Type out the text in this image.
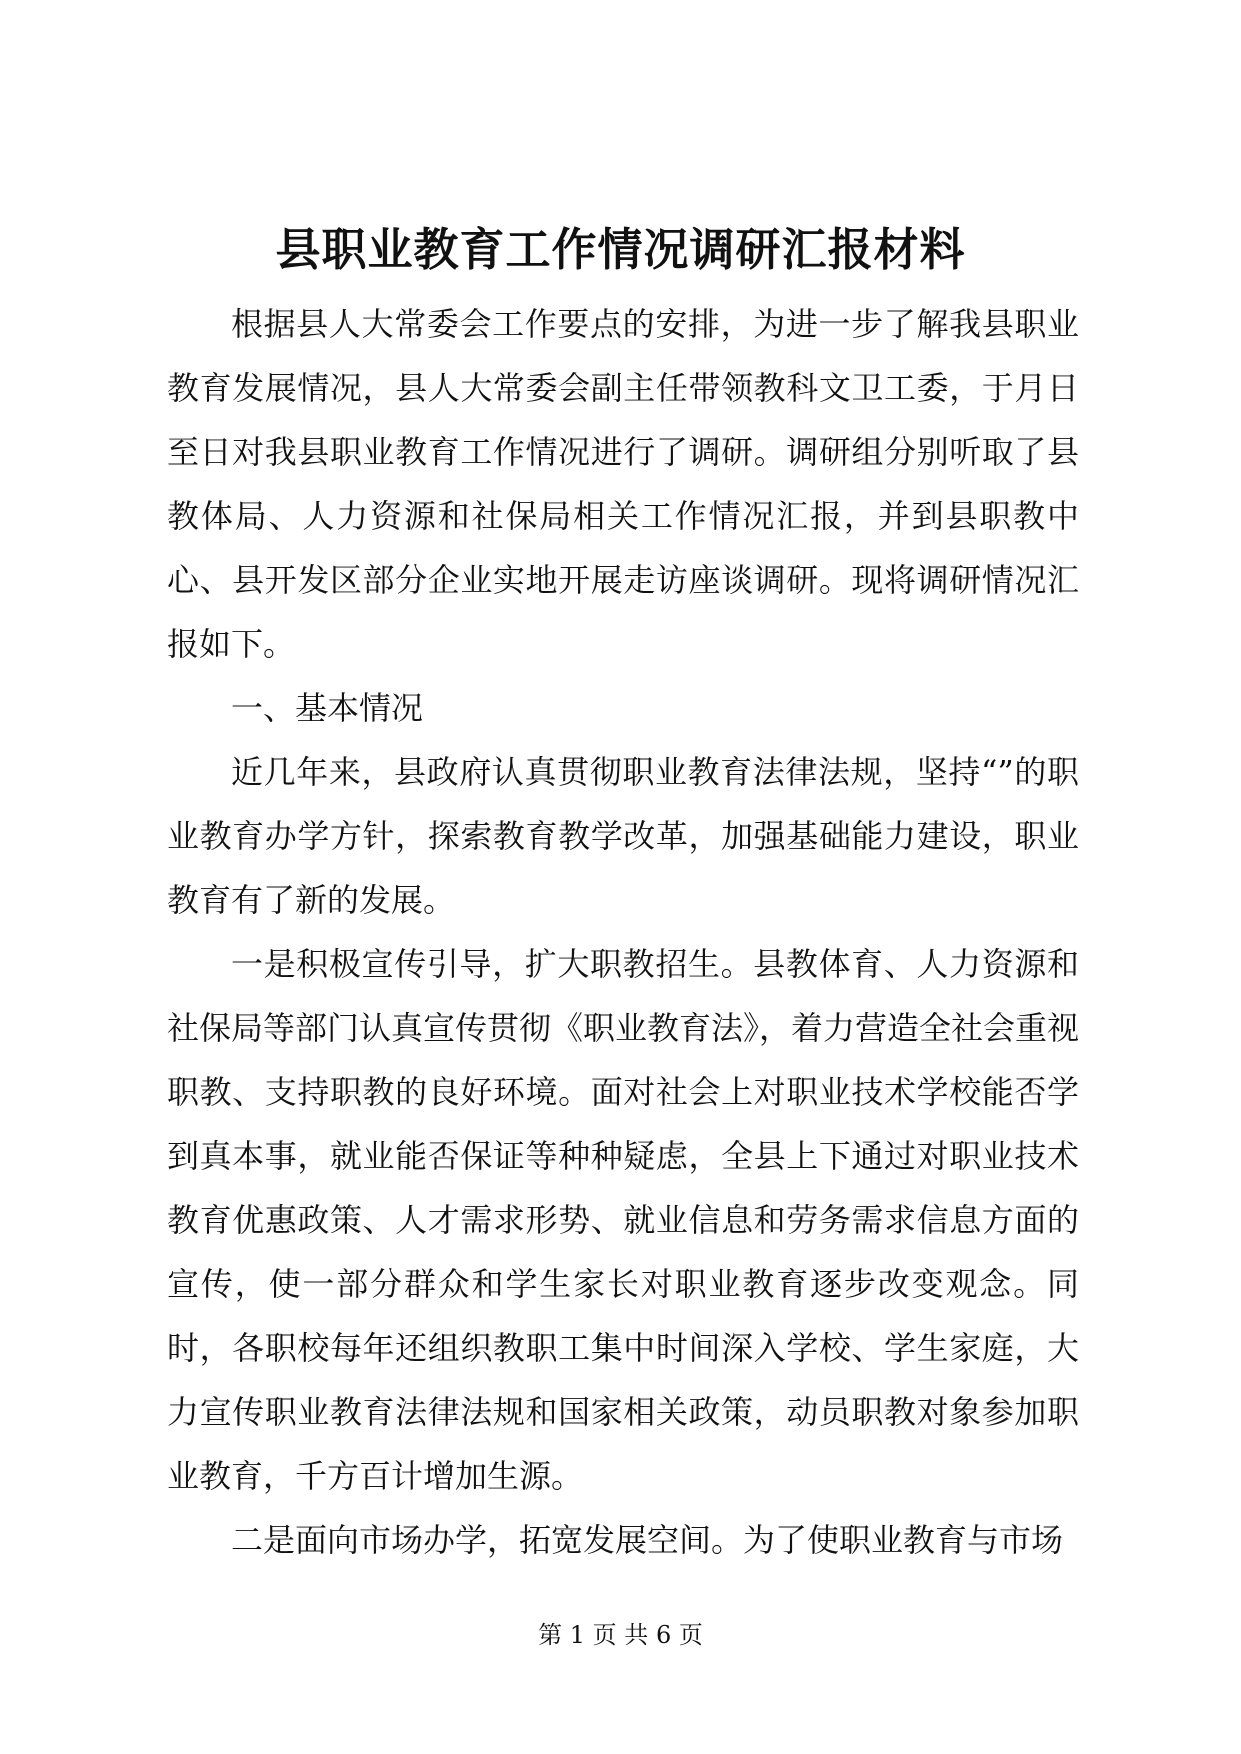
县职业教育工作情况调研汇报材料

根据县人大常委会工作要点的安排，为进一步了解我县职业教育发展情况，县人大常委会副主任带领教科文卫工委，于月日至日对我县职业教育工作情况进行了调研。调研组分别听取了县教体局、人力资源和社保局相关工作情况汇报，并到县职教中心、县开发区部分企业实地开展走访座谈调研。现将调研情况汇报如下。

一、基本情况

近几年来，县政府认真贯彻职业教育法律法规，坚持“”的职业教育办学方针，探索教育教学改革，加强基础能力建设，职业教育有了新的发展。

一是积极宣传引导，扩大职教招生。县教体育、人力资源和社保局等部门认真宣传贯彻《职业教育法》，着力营造全社会重视职教、支持职教的良好环境。面对社会上对职业技术学校能否学到真本事，就业能否保证等种种疑虑，全县上下通过对职业技术教育优惠政策、人才需求形势、就业信息和劳务需求信息方面的宣传，使一部分群众和学生家长对职业教育逐步改变观念。同时，各职校每年还组织教职工集中时间深入学校、学生家庭，大力宣传职业教育法律法规和国家相关政策，动员职教对象参加职业教育，千方百计增加生源。

二是面向市场办学，拓宽发展空间。为了使职业教育与市场

第 1 页 共 6 页
